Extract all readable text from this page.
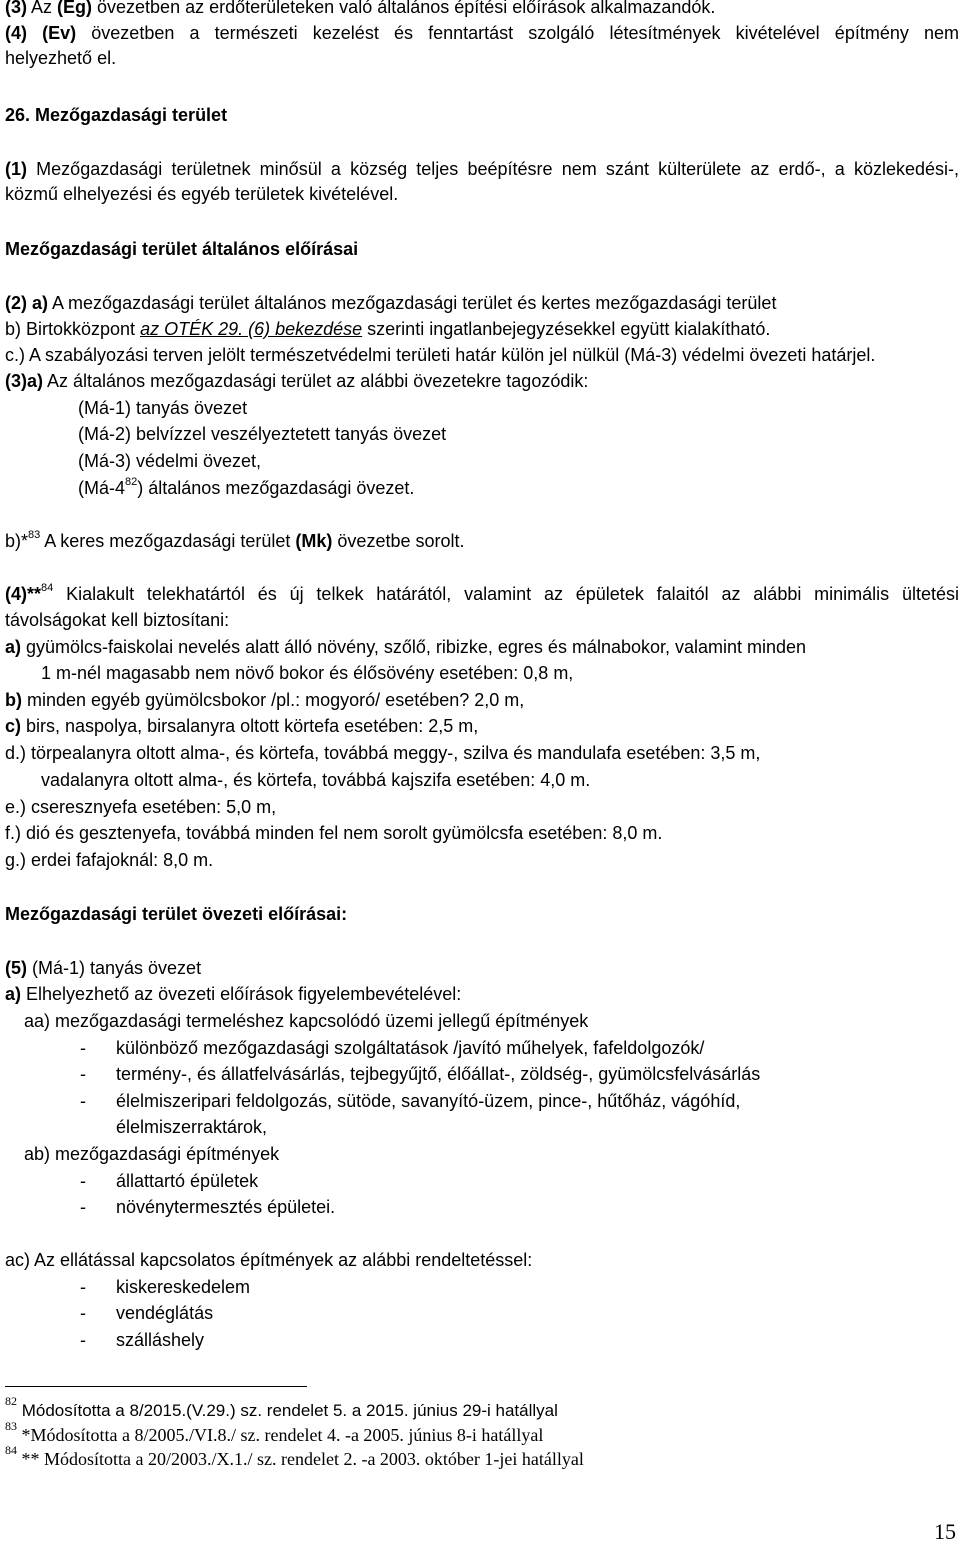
(3) Az (Eg) övezetben az erdőterületeken való általános építési előírások alkalmazandók.
(4) (Ev) övezetben a természeti kezelést és fenntartást szolgáló létesítmények kivételével építmény nem
helyezhető el.
26. Mezőgazdasági terület
(1) Mezőgazdasági területnek minősül a község teljes beépítésre nem szánt külterülete az erdő-, a közlekedési-,
közmű elhelyezési és egyéb területek kivételével.
Mezőgazdasági terület általános előírásai
(2) a) A mezőgazdasági terület általános mezőgazdasági terület és kertes mezőgazdasági terület
b) Birtokközpont az OTÉK 29. (6) bekezdése szerinti ingatlanbejegyzésekkel együtt kialakítható.
c.) A szabályozási terven jelölt természetvédelmi területi határ külön jel nülkül (Má-3) védelmi övezeti határjel.
(3)a) Az általános mezőgazdasági terület az alábbi övezetekre tagozódik:
(Má-1) tanyás övezet
(Má-2) belvízzel veszélyeztetett tanyás övezet
(Má-3) védelmi övezet,
$(Má-4^{82})$ általános mezőgazdasági övezet.
b)*$^{83}$ A keres mezőgazdasági terület (Mk) övezetbe sorolt.
(4)**$^{84}$ Kialakult telekhatártól és új telkek határától, valamint az épületek falaitól az alábbi minimális ültetési
távolságokat kell biztosítani:
a) gyümölcs-faiskolai nevelés alatt álló növény, szőlő, ribizke, egres és málnabokor, valamint minden
1 m-nél magasabb nem növő bokor és élősövény esetében: 0,8 m,
b) minden egyéb gyümölcsbokor /pl.: mogyoró/ esetében? 2,0 m,
c) birs, naspolya, birsalanyra oltott körtefa esetében: 2,5 m,
d.) törpealanyra oltott alma-, és körtefa, továbbá meggy-, szilva és mandulafa esetében: 3,5 m,
vadalanyra oltott alma-, és körtefa, továbbá kajszifa esetében: 4,0 m.
e.) cseresznyefa esetében: 5,0 m,
f.) dió és gesztenyefa, továbbá minden fel nem sorolt gyümölcsfa esetében: 8,0 m.
g.) erdei fafajoknál: 8,0 m.
Mezőgazdasági terület övezeti előírásai:
(5) (Má-1) tanyás övezet
a) Elhelyezhető az övezeti előírások figyelembevételével:
aa) mezőgazdasági termeléshez kapcsolódó üzemi jellegű építmények
- különböző mezőgazdasági szolgáltatások /javító műhelyek, fafeldolgozók/
- termény-, és állatfelvásárlás, tejbegyűjtő, élőállat-, zöldség-, gyümölcsfelvásárlás
- élelmiszeripari feldolgozás, sütöde, savanyító-üzem, pince-, hűtőház, vágóhíd,
élelmiszerraktárok,
ab) mezőgazdasági építmények
- állattartó épületek
- növénytermesztés épületei.
ac) Az ellátással kapcsolatos építmények az alábbi rendeltetéssel:
- kiskereskedelem
- vendéglátás
- szálláshely
$^{82}$ Módosította a 8/2015.(V.29.) sz. rendelet 5. a 2015. június 29-i hatállyal
$^{83}$ *Módosította a 8/2005./VI.8./ sz. rendelet 4. -a 2005. június 8-i hatállyal
$^{84}$ ** Módosította a 20/2003./X.1./ sz. rendelet 2. -a 2003. október 1-jei hatállyal
15
